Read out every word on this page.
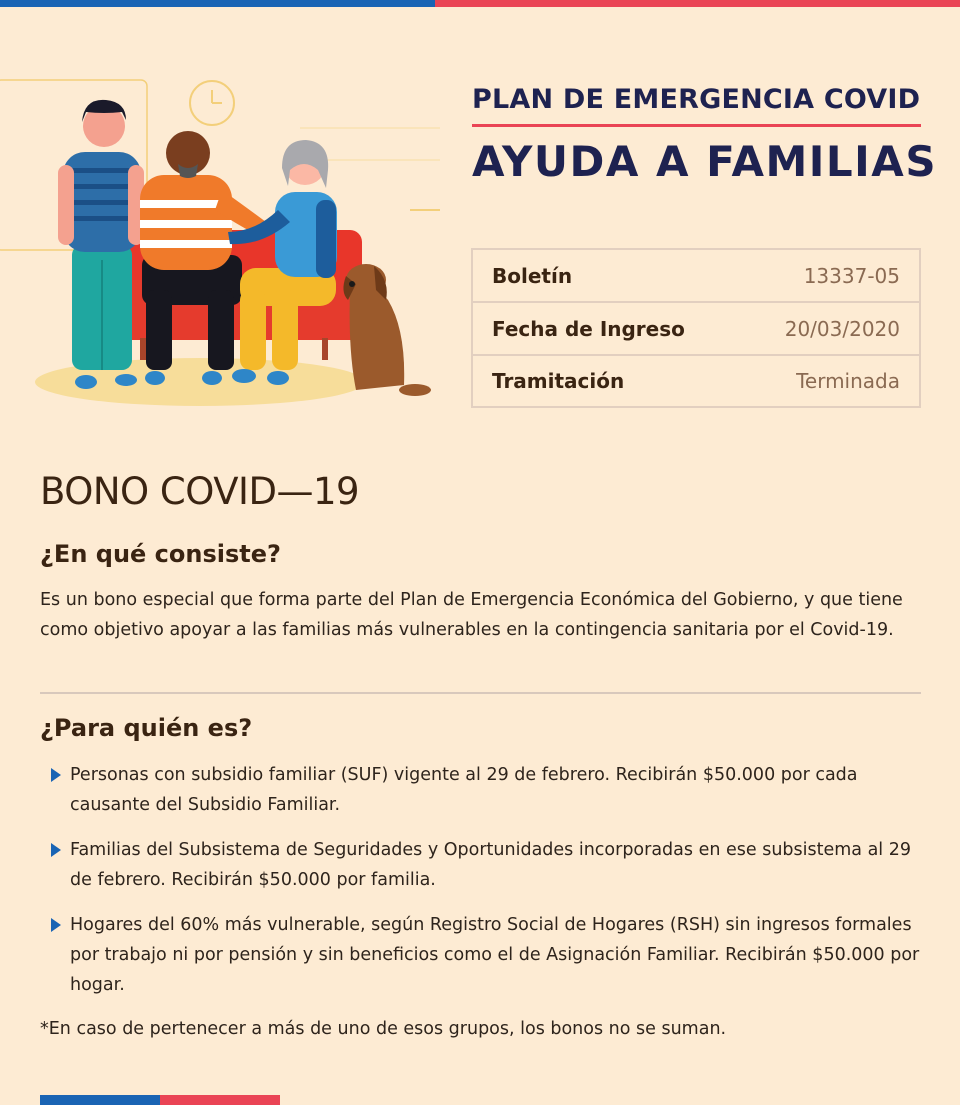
PLAN DE EMERGENCIA COVID
AYUDA A FAMILIAS
Boletín	13337-05
Fecha de Ingreso	20/03/2020
Tramitación	Terminada
BONO COVID—19
¿En qué consiste?

Es un bono especial que forma parte del Plan de Emergencia Económica del Gobierno, y que tiene como objetivo apoyar a las familias más vulnerables en la contingencia sanitaria por el Covid-19.

¿Para quién es?
Personas con subsidio familiar (SUF) vigente al 29 de febrero. Recibirán $50.000 por cada causante del Subsidio Familiar.
Familias del Subsistema de Seguridades y Oportunidades incorporadas en ese subsistema al 29 de febrero. Recibirán $50.000 por familia.
Hogares del 60% más vulnerable, según Registro Social de Hogares (RSH) sin ingresos formales por trabajo ni por pensión y sin beneficios como el de Asignación Familiar. Recibirán $50.000 por hogar.

*En caso de pertenecer a más de uno de esos grupos, los bonos no se suman.
